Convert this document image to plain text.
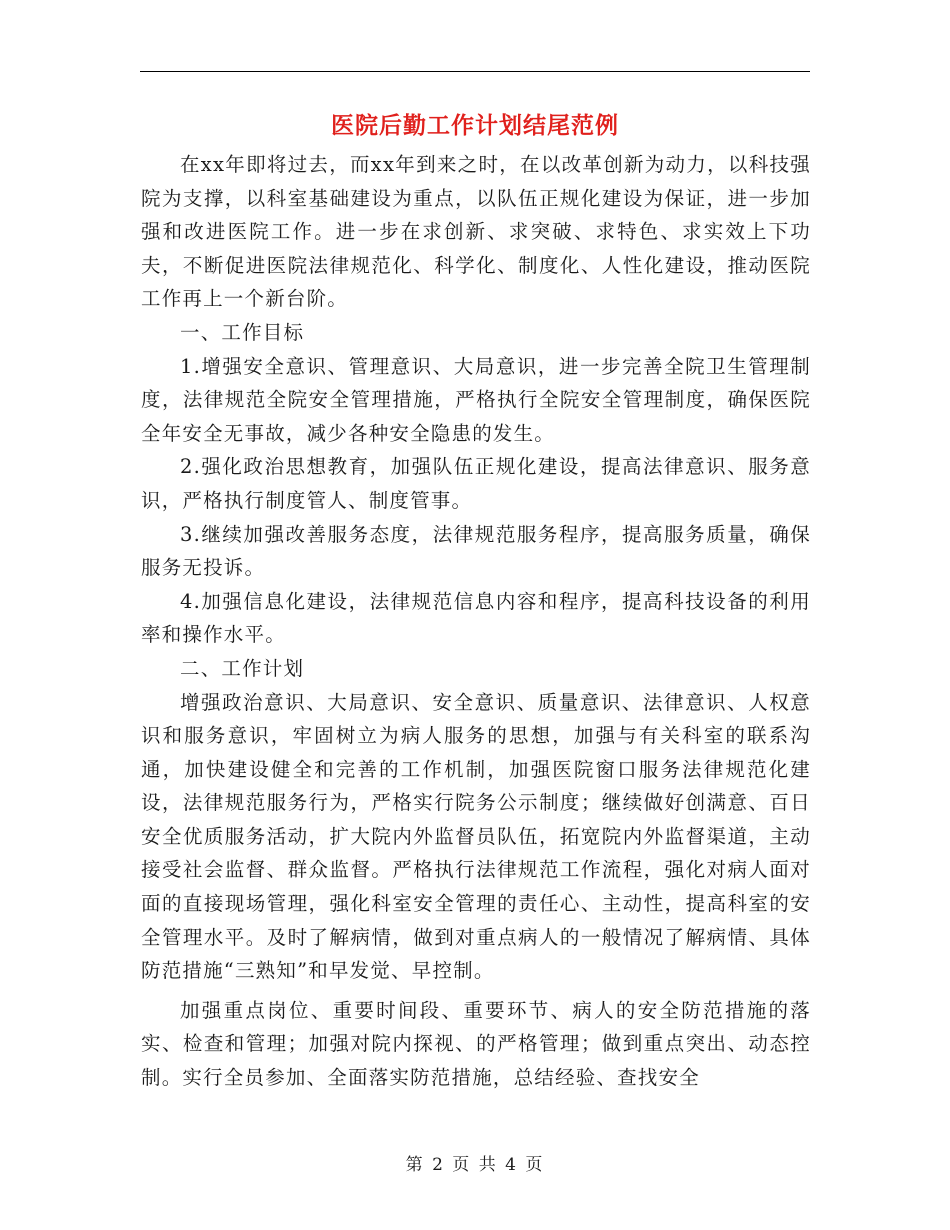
医院后勤工作计划结尾范例

在xx年即将过去，而xx年到来之时，在以改革创新为动力，以科技强院为支撑，以科室基础建设为重点，以队伍正规化建设为保证，进一步加强和改进医院工作。进一步在求创新、求突破、求特色、求实效上下功夫，不断促进医院法律规范化、科学化、制度化、人性化建设，推动医院工作再上一个新台阶。

一、工作目标

1.增强安全意识、管理意识、大局意识，进一步完善全院卫生管理制度，法律规范全院安全管理措施，严格执行全院安全管理制度，确保医院全年安全无事故，减少各种安全隐患的发生。

2.强化政治思想教育，加强队伍正规化建设，提高法律意识、服务意识，严格执行制度管人、制度管事。

3.继续加强改善服务态度，法律规范服务程序，提高服务质量，确保服务无投诉。

4.加强信息化建设，法律规范信息内容和程序，提高科技设备的利用率和操作水平。

二、工作计划

增强政治意识、大局意识、安全意识、质量意识、法律意识、人权意识和服务意识，牢固树立为病人服务的思想，加强与有关科室的联系沟通，加快建设健全和完善的工作机制，加强医院窗口服务法律规范化建设，法律规范服务行为，严格实行院务公示制度；继续做好创满意、百日安全优质服务活动，扩大院内外监督员队伍，拓宽院内外监督渠道，主动接受社会监督、群众监督。严格执行法律规范工作流程，强化对病人面对面的直接现场管理，强化科室安全管理的责任心、主动性，提高科室的安全管理水平。及时了解病情，做到对重点病人的一般情况了解病情、具体防范措施“三熟知”和早发觉、早控制。

加强重点岗位、重要时间段、重要环节、病人的安全防范措施的落实、检查和管理；加强对院内探视、的严格管理；做到重点突出、动态控制。实行全员参加、全面落实防范措施，总结经验、查找安全

第 2 页 共 4 页
